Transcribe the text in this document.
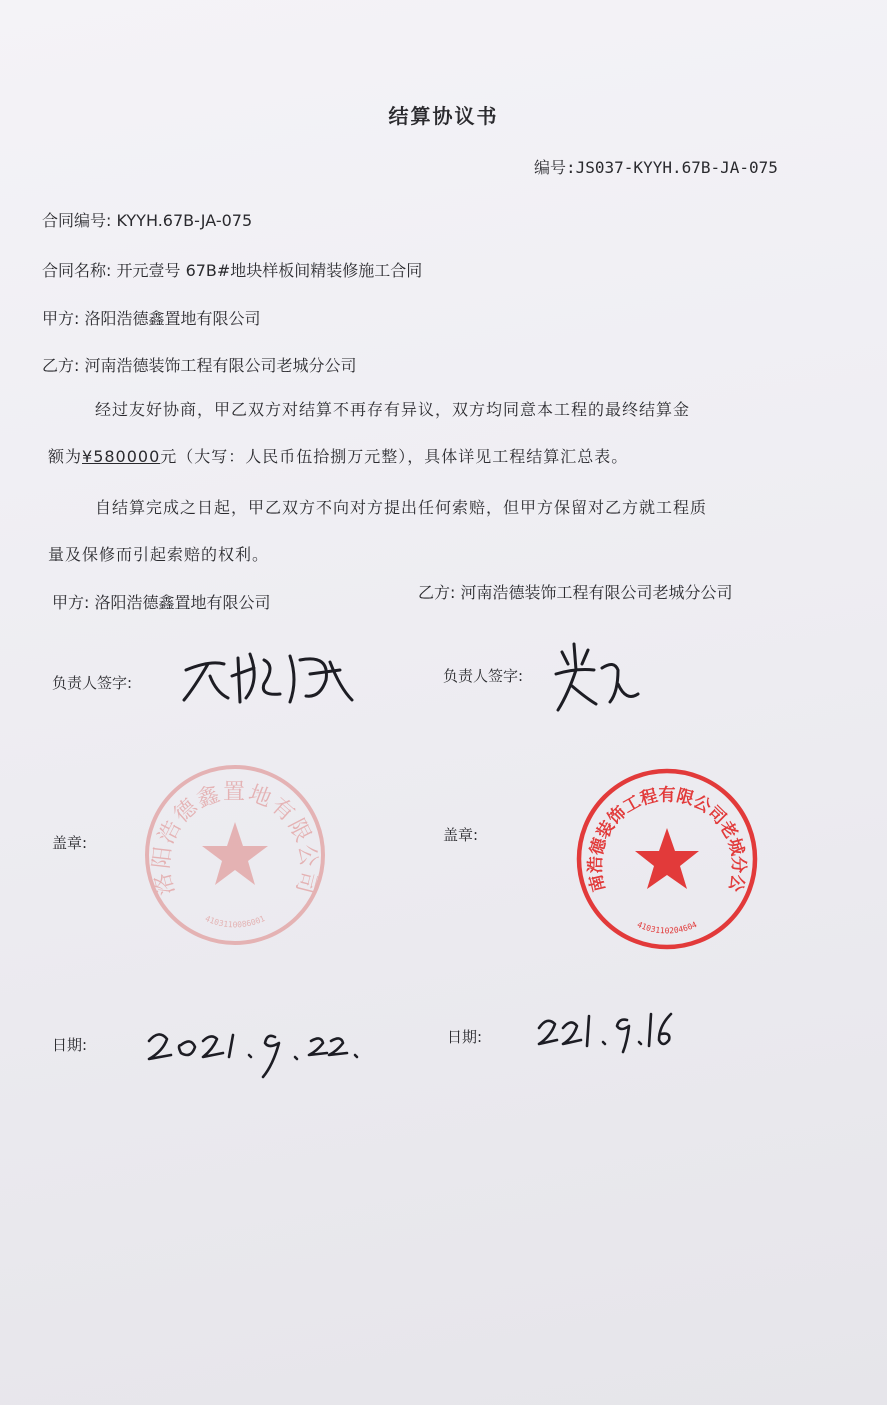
结算协议书
编号:JS037-KYYH.67B-JA-075
合同编号: KYYH.67B-JA-075
合同名称: 开元壹号 67B#地块样板间精装修施工合同
甲方: 洛阳浩德鑫置地有限公司
乙方: 河南浩德装饰工程有限公司老城分公司
经过友好协商，甲乙双方对结算不再存有异议，双方均同意本工程的最终结算金
额为¥580000元（大写：人民币伍拾捌万元整），具体详见工程结算汇总表。
自结算完成之日起，甲乙双方不向对方提出任何索赔，但甲方保留对乙方就工程质
量及保修而引起索赔的权利。
甲方: 洛阳浩德鑫置地有限公司
乙方: 河南浩德装饰工程有限公司老城分公司
负责人签字:	负责人签字:
盖章:	盖章:
洛阳浩德鑫置地有限公司
4103110086001
河南浩德装饰工程有限公司老城分公司
4103110204604
日期:	日期:
